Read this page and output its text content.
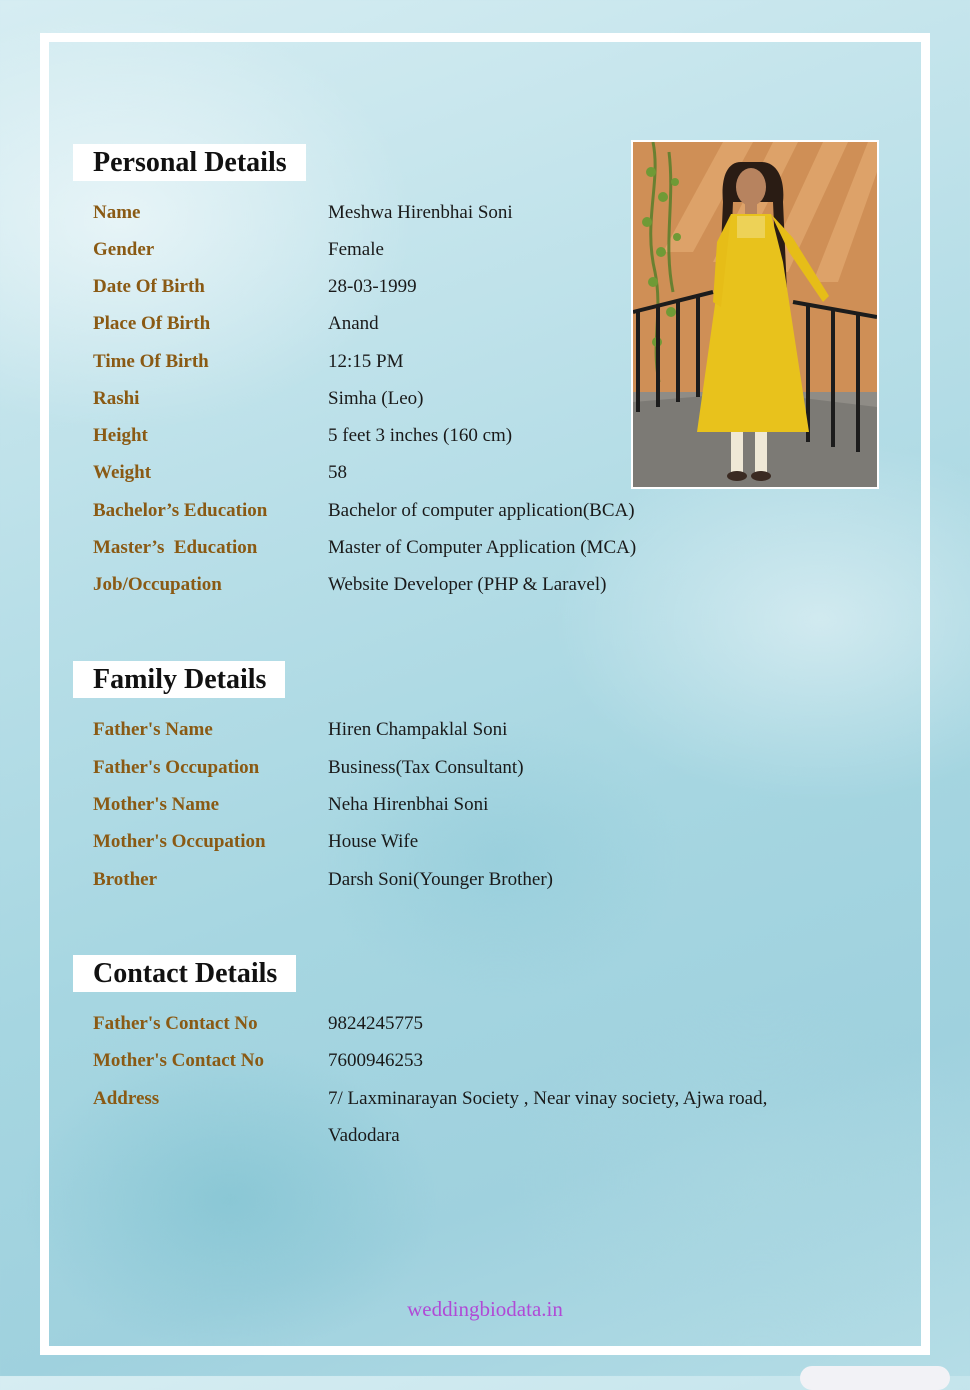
Personal Details
Name	Meshwa Hirenbhai Soni
Gender	Female
Date Of Birth	28-03-1999
Place Of Birth	Anand
Time Of Birth	12:15 PM
Rashi	Simha (Leo)
Height	5 feet 3 inches (160 cm)
Weight	58
Bachelor’s Education	Bachelor of computer application(BCA)
Master’s  Education	Master of Computer Application (MCA)
Job/Occupation	Website Developer (PHP & Laravel)
Family Details
Father's Name	Hiren Champaklal Soni
Father's Occupation	Business(Tax Consultant)
Mother's Name	Neha Hirenbhai Soni
Mother's Occupation	House Wife
Brother	Darsh Soni(Younger Brother)
Contact Details
Father's Contact No	9824245775
Mother's Contact No	7600946253
Address	7/ Laxminarayan Society , Near vinay society, Ajwa road,
Vadodara
weddingbiodata.in
